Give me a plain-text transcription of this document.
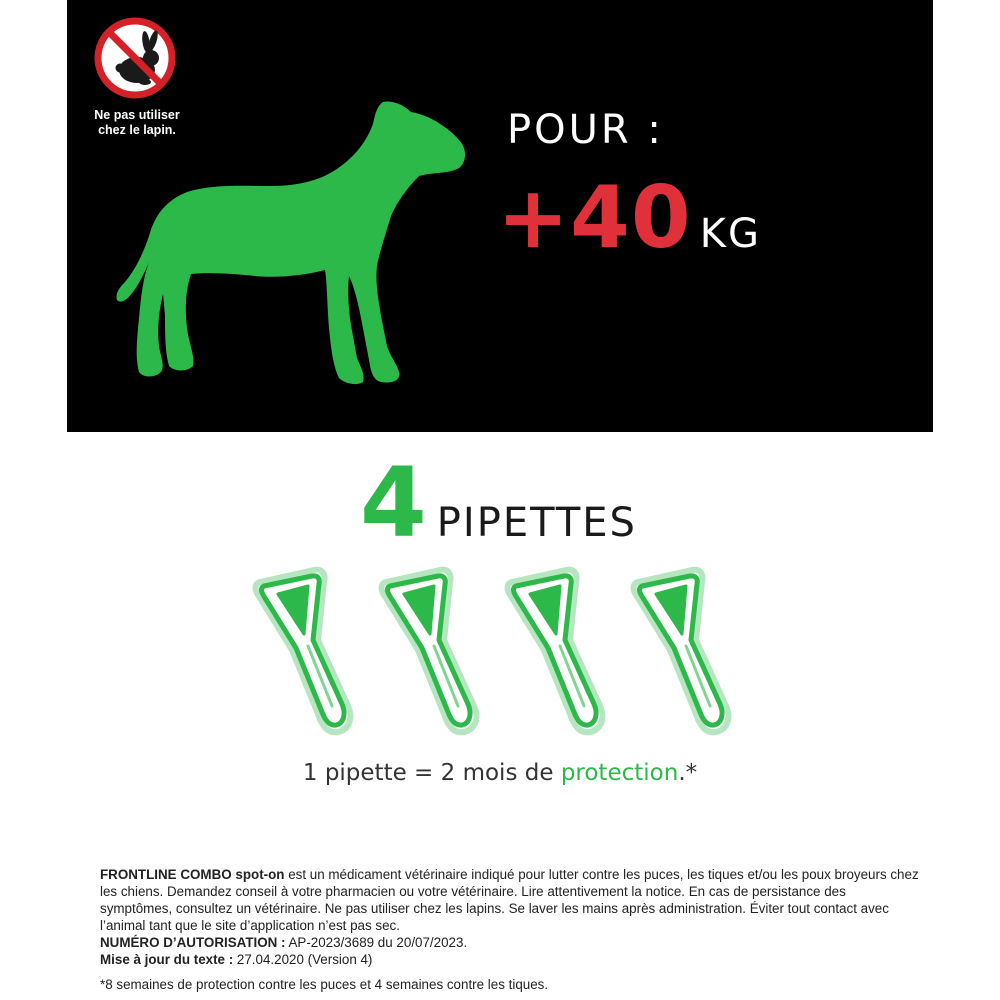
Ne pas utiliser
chez le lapin.	POUR :
+40 KG
4 PIPETTES
1 pipette = 2 mois de protection.*

FRONTLINE COMBO spot-on est un médicament vétérinaire indiqué pour lutter contre les puces, les tiques et/ou les poux broyeurs chez les chiens. Demandez conseil à votre pharmacien ou votre vétérinaire. Lire attentivement la notice. En cas de persistance des symptômes, consultez un vétérinaire. Ne pas utiliser chez les lapins. Se laver les mains après administration. Éviter tout contact avec l’animal tant que le site d’application n’est pas sec.

NUMÉRO D’AUTORISATION : AP-2023/3689 du 20/07/2023.

Mise à jour du texte : 27.04.2020 (Version 4)

*8 semaines de protection contre les puces et 4 semaines contre les tiques.
